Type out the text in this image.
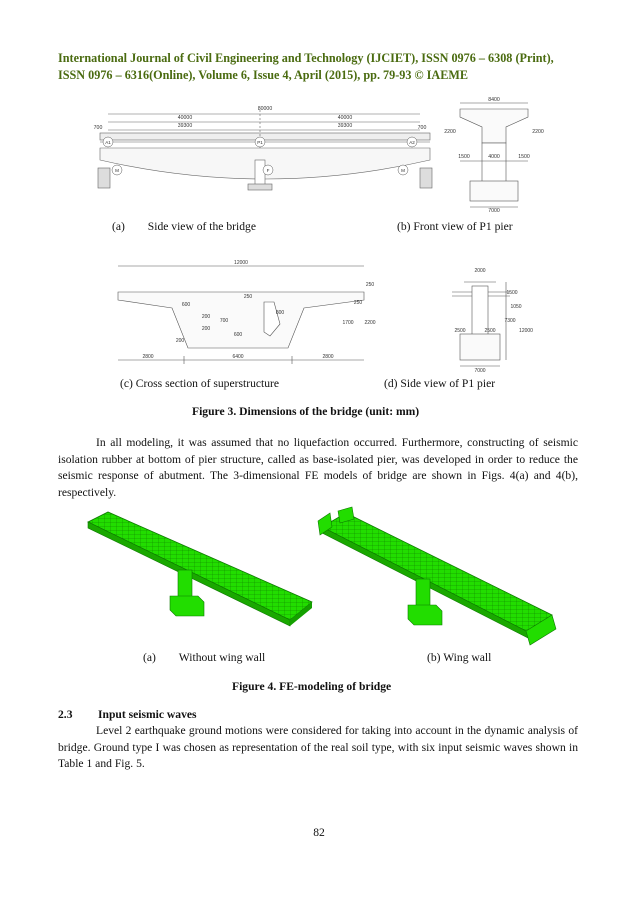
International Journal of Civil Engineering and Technology (IJCIET), ISSN 0976 – 6308 (Print),
ISSN 0976 – 6316(Online), Volume 6, Issue 4, April (2015), pp. 79-93 © IAEME
80000
40000	40000
39300	39300
700	700
A1	P1	A2
M	F	M
8400
2200	2200
1500	4000	1500
7000
(a) Side view of the bridge	(b) Front view of P1 pier
12000
250
250
600
200
200
800
1700
250
2200
600
200
2800	6400	2800
700
2000
1500
1050
7300
12000
2500	2500
7000
(c) Cross section of superstructure	(d) Side view of P1 pier
Figure 3. Dimensions of the bridge (unit: mm)
In all modeling, it was assumed that no liquefaction occurred. Furthermore, constructing of seismic isolation rubber at bottom of pier structure, called as base-isolated pier, was developed in order to reduce the seismic response of abutment. The 3-dimensional FE models of bridge are shown in Figs. 4(a) and 4(b), respectively.
(a) Without wing wall	(b) Wing wall
Figure 4. FE-modeling of bridge
2.3 Input seismic waves
Level 2 earthquake ground motions were considered for taking into account in the dynamic analysis of bridge. Ground type I was chosen as representation of the real soil type, with six input seismic waves shown in Table 1 and Fig. 5.
82
